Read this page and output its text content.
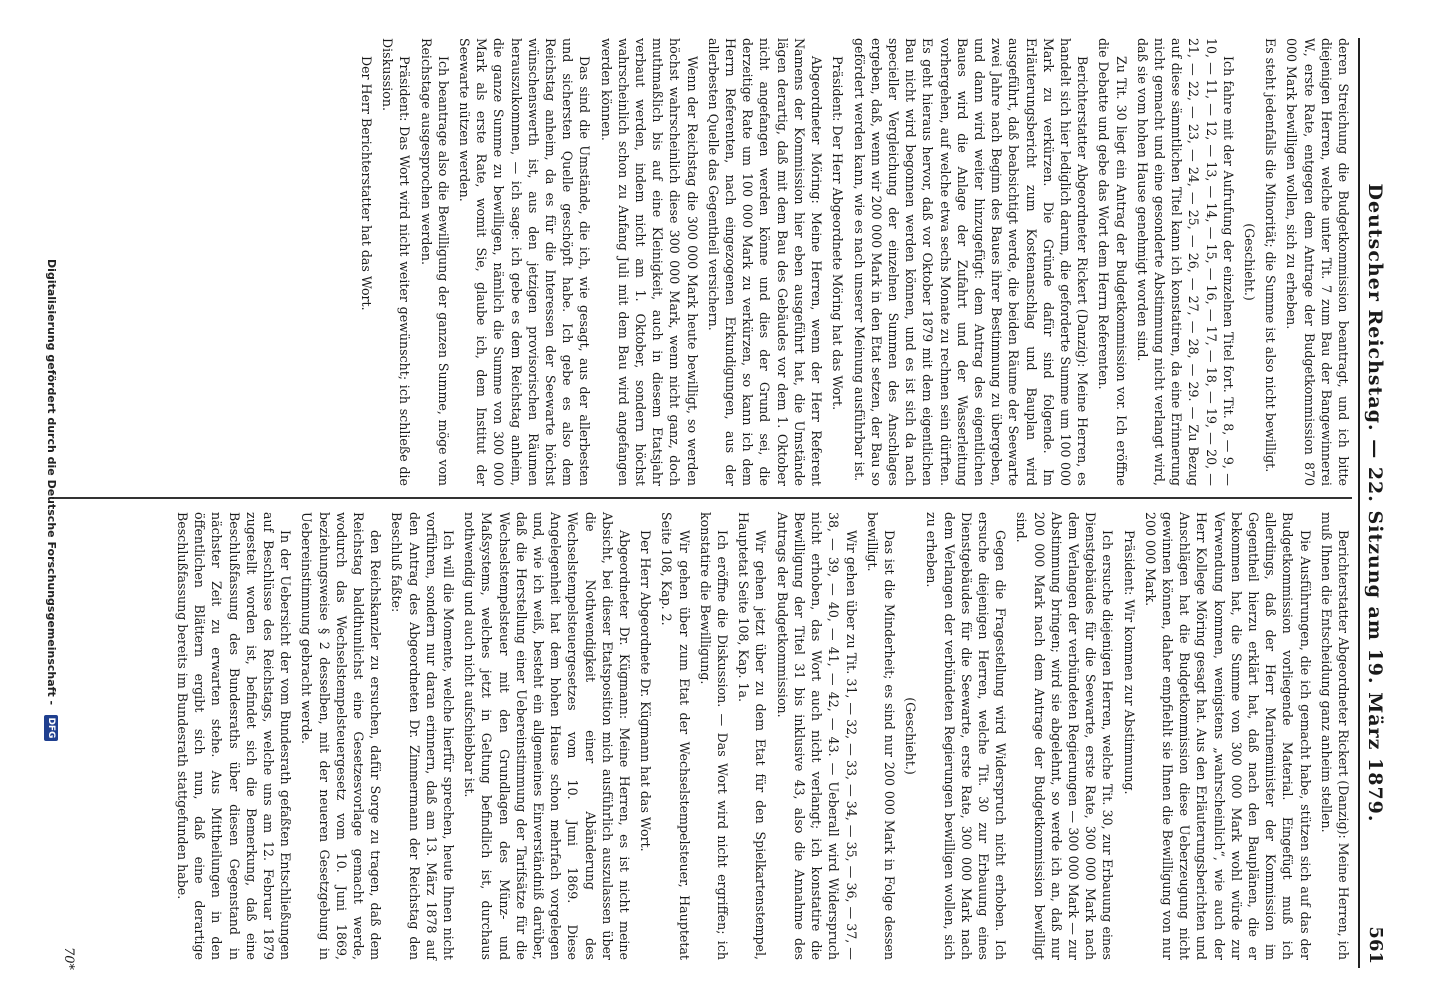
Deutscher Reichstag. — 22. Sitzung am 19. März 1879.
561

deren Streichung die Budgetkommission beantragt, und ich bitte diejenigen Herren, welche unter Tit. 7 zum Bau der Bangewinnerei W., erste Rate, entgegen dem Antrage der Budgetkommission 870 000 Mark bewilligen wollen, sich zu erheben.

Es steht jedenfalls die Minorität; die Summe ist also nicht bewilligt.

(Geschieht.)

Ich fahre mit der Aufrufung der einzelnen Titel fort. Tit. 8, — 9, — 10, — 11, — 12, — 13, — 14, — 15, — 16, — 17, — 18, — 19, — 20, — 21, — 22, — 23, — 24, — 25, — 26, — 27, — 28, — 29. — Zu Bezug auf diese sämmtlichen Titel kann ich konstatiren, da eine Erinnerung nicht gemacht und eine gesonderte Abstimmung nicht verlangt wird, daß sie vom hohen Hause genehmigt worden sind.

Zu Tit. 30 liegt ein Antrag der Budgetkommission vor. Ich eröffne die Debatte und gebe das Wort dem Herrn Referenten.

Berichterstatter Abgeordneter Rickert (Danzig): Meine Herren, es handelt sich hier lediglich darum, die geforderte Summe um 100 000 Mark zu verkürzen. Die Gründe dafür sind folgende. Im Erläuterungsbericht zum Kostenanschlag und Bauplan wird ausgeführt, daß beabsichtigt werde, die beiden Räume der Seewarte zwei Jahre nach Beginn des Baues ihrer Bestimmung zu übergeben, und dann wird weiter hinzugefügt: dem Antrag des eigentlichen Baues wird die Anlage der Zufahrt und der Wasserleitung vorhergehen, auf welche etwa sechs Monate zu rechnen sein dürften. Es geht hieraus hervor, daß vor Oktober 1879 mit dem eigentlichen Bau nicht wird begonnen werden können, und es ist sich da nach specieller Vergleichung der einzelnen Summen des Anschlages ergeben, daß, wenn wir 200 000 Mark in den Etat setzen, der Bau so gefördert werden kann, wie es nach unserer Meinung ausführbar ist.

Präsident: Der Herr Abgeordnete Möring hat das Wort.

Abgeordneter Möring: Meine Herren, wenn der Herr Referent Namens der Kommission hier eben ausgeführt hat, die Umstände lägen derartig, daß mit dem Bau des Gebäudes vor dem 1. Oktober nicht angefangen werden könne und dies der Grund sei, die derzeitige Rate um 100 000 Mark zu verkürzen, so kann ich dem Herrn Referenten, nach eingezogenen Erkundigungen, aus der allerbesten Quelle das Gegentheil versichern.

Wenn der Reichstag die 300 000 Mark heute bewilligt, so werden höchst wahrscheinlich diese 300 000 Mark, wenn nicht ganz, doch muthmaßlich bis auf eine Kleinigkeit, auch in diesem Etatsjahr verbaut werden, indem nicht am 1. Oktober, sondern höchst wahrscheinlich schon zu Anfang Juli mit dem Bau wird angefangen werden können.

Das sind die Umstände, die ich, wie gesagt, aus der allerbesten und sichersten Quelle geschöpft habe. Ich gebe es also dem Reichstag anheim, da es für die Interessen der Seewarte höchst wünschenswerth ist, aus den jetzigen provisorischen Räumen herauszukommen, — ich sage: ich gebe es dem Reichstag anheim, die ganze Summe zu bewilligen, nämlich die Summe von 300 000 Mark als erste Rate, womit Sie, glaube ich, dem Institut der Seewarte nützen werden.

Ich beantrage also die Bewilligung der ganzen Summe, möge vom Reichstage ausgesprochen werden.

Präsident: Das Wort wird nicht weiter gewünscht; ich schließe die Diskussion.

Der Herr Berichterstatter hat das Wort.

Berichterstatter Abgeordneter Rickert (Danzig): Meine Herren, ich muß Ihnen die Entscheidung ganz anheim stellen.

Die Ausführungen, die ich gemacht habe, stützen sich auf das der Budgetkommission vorliegende Material. Eingefügt muß ich allerdings, daß der Herr Marineminister der Kommission im Gegentheil hierzu erklärt hat, daß nach den Bauplänen, die er bekommen hat, die Summe von 300 000 Mark wohl würde zur Verwendung kommen, wenigstens „wahrscheinlich“, wie auch der Herr Kollege Möring gesagt hat. Aus den Erläuterungsberichten und Anschlägen hat die Budgetkommission diese Ueberzeugung nicht gewinnen können, daher empfiehlt sie Ihnen die Bewilligung von nur 200 000 Mark.

Präsident: Wir kommen zur Abstimmung.

Ich ersuche diejenigen Herren, welche Tit. 30, zur Erbauung eines Dienstgebäudes für die Seewarte, erste Rate, 300 000 Mark nach dem Verlangen der verbündeten Regierungen — 300 000 Mark — zur Abstimmung bringen; wird sie abgelehnt, so werde ich an, daß nur 200 000 Mark nach dem Antrage der Budgetkommission bewilligt sind.

Gegen die Fragestellung wird Widerspruch nicht erhoben. Ich ersuche diejenigen Herren, welche Tit. 30 zur Erbauung eines Dienstgebäudes für die Seewarte, erste Rate, 300 000 Mark nach dem Verlangen der verbündeten Regierungen bewilligen wollen, sich zu erheben.

(Geschieht.)

Das ist die Minderheit; es sind nur 200 000 Mark in Folge dessen bewilligt.

Wir gehen über zu Tit. 31, — 32, — 33, — 34, — 35, — 36, — 37, — 38, — 39, — 40, — 41, — 42, — 43. — Ueberall wird Widerspruch nicht erhoben, das Wort auch nicht verlangt; ich konstatire die Bewilligung der Titel 31 bis inklusive 43, also die Annahme des Antrags der Budgetkommission.

Wir gehen jetzt über zu dem Etat für den Spielkartenstempel, Hauptetat Seite 108, Kap. 1a.

Ich eröffne die Diskussion. — Das Wort wird nicht ergriffen; ich konstatire die Bewilligung.

Wir gehen über zum Etat der Wechselstempelsteuer, Hauptetat Seite 108, Kap. 2.

Der Herr Abgeordnete Dr. Kügmann hat das Wort.

Abgeordneter Dr. Kügmann: Meine Herren, es ist nicht meine Absicht, bei dieser Etatsposition mich ausführlich auszulassen über die Nothwendigkeit einer Abänderung des Wechselstempelsteuergesetzes vom 10. Juni 1869. Diese Angelegenheit hat dem hohen Hause schon mehrfach vorgelegen und, wie ich weiß, besteht ein allgemeines Einverständniß darüber, daß die Herstellung einer Uebereinstimmung der Tarifsätze für die Wechselstempelsteuer mit den Grundlagen des Münz- und Maßsystems, welches jetzt in Geltung befindlich ist, durchaus nothwendig und auch nicht aufschiebbar ist.

Ich will die Momente, welche hierfür sprechen, heute Ihnen nicht vorführen, sondern nur daran erinnern, daß am 13. März 1878 auf den Antrag des Abgeordneten Dr. Zimmermann der Reichstag den Beschluß faßte:

den Reichskanzler zu ersuchen, dafür Sorge zu tragen, daß dem Reichstag baldthunlichst eine Gesetzesvorlage gemacht werde, wodurch das Wechselstempelsteuergesetz vom 10. Juni 1869, beziehungsweise § 2 desselben, mit der neueren Gesetzgebung in Uebereinstimmung gebracht werde.

In der Uebersicht der vom Bundesrath gefaßten Entschließungen auf Beschlüsse des Reichstags, welche uns am 12. Februar 1879 zugestellt worden ist, befindet sich die Bemerkung, daß eine Beschlußfassung des Bundesraths über diesen Gegenstand in nächster Zeit zu erwarten stehe. Aus Mittheilungen in den öffentlichen Blättern ergibt sich nun, daß eine derartige Beschlußfassung bereits im Bundesrath stattgefunden habe.

70*
Digitalisierung gefördert durch die Deutsche Forschungsgemeinschaft - DFG
